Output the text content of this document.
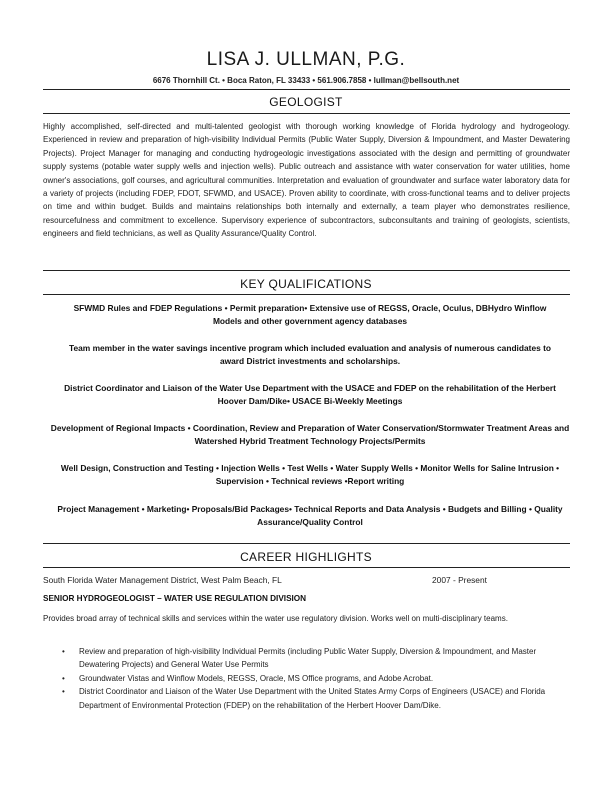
LISA J. ULLMAN, P.G.
6676 Thornhill Ct. • Boca Raton, FL 33433 • 561.906.7858 • lullman@bellsouth.net
GEOLOGIST
Highly accomplished, self-directed and multi-talented geologist with thorough working knowledge of Florida hydrology and hydrogeology. Experienced in review and preparation of high-visibility Individual Permits (Public Water Supply, Diversion & Impoundment, and Master Dewatering Projects). Project Manager for managing and conducting hydrogeologic investigations associated with the design and permitting of groundwater supply systems (potable water supply wells and injection wells). Public outreach and assistance with water conservation for water utilities, home owner's associations, golf courses, and agricultural communities. Interpretation and evaluation of groundwater and surface water laboratory data for a variety of projects (including FDEP, FDOT, SFWMD, and USACE). Proven ability to coordinate, with cross-functional teams and to deliver projects on time and within budget. Builds and maintains relationships both internally and externally, a team player who demonstrates resilience, resourcefulness and commitment to excellence. Supervisory experience of subcontractors, subconsultants and training of geologists, scientists, engineers and field technicians, as well as Quality Assurance/Quality Control.
KEY QUALIFICATIONS
SFWMD Rules and FDEP Regulations • Permit preparation• Extensive use of REGSS, Oracle, Oculus, DBHydro Winflow Models and other government agency databases
Team member in the water savings incentive program which included evaluation and analysis of numerous candidates to award District investments and scholarships.
District Coordinator and Liaison of the Water Use Department with the USACE and FDEP on the rehabilitation of the Herbert Hoover Dam/Dike• USACE Bi-Weekly Meetings
Development of Regional Impacts • Coordination, Review and Preparation of Water Conservation/Stormwater Treatment Areas and Watershed Hybrid Treatment Technology Projects/Permits
Well Design, Construction and Testing • Injection Wells • Test Wells • Water Supply Wells • Monitor Wells for Saline Intrusion • Supervision • Technical reviews •Report writing
Project Management • Marketing• Proposals/Bid Packages• Technical Reports and Data Analysis • Budgets and Billing • Quality Assurance/Quality Control
CAREER HIGHLIGHTS
South Florida Water Management District, West Palm Beach, FL	2007 - Present
SENIOR HYDROGEOLOGIST – WATER USE REGULATION DIVISION
Provides broad array of technical skills and services within the water use regulatory division. Works well on multi-disciplinary teams.
• Review and preparation of high-visibility Individual Permits (including Public Water Supply, Diversion & Impoundment, and Master Dewatering Projects) and General Water Use Permits
• Groundwater Vistas and Winflow Models, REGSS, Oracle, MS Office programs, and Adobe Acrobat.
• District Coordinator and Liaison of the Water Use Department with the United States Army Corps of Engineers (USACE) and Florida Department of Environmental Protection (FDEP) on the rehabilitation of the Herbert Hoover Dam/Dike.
